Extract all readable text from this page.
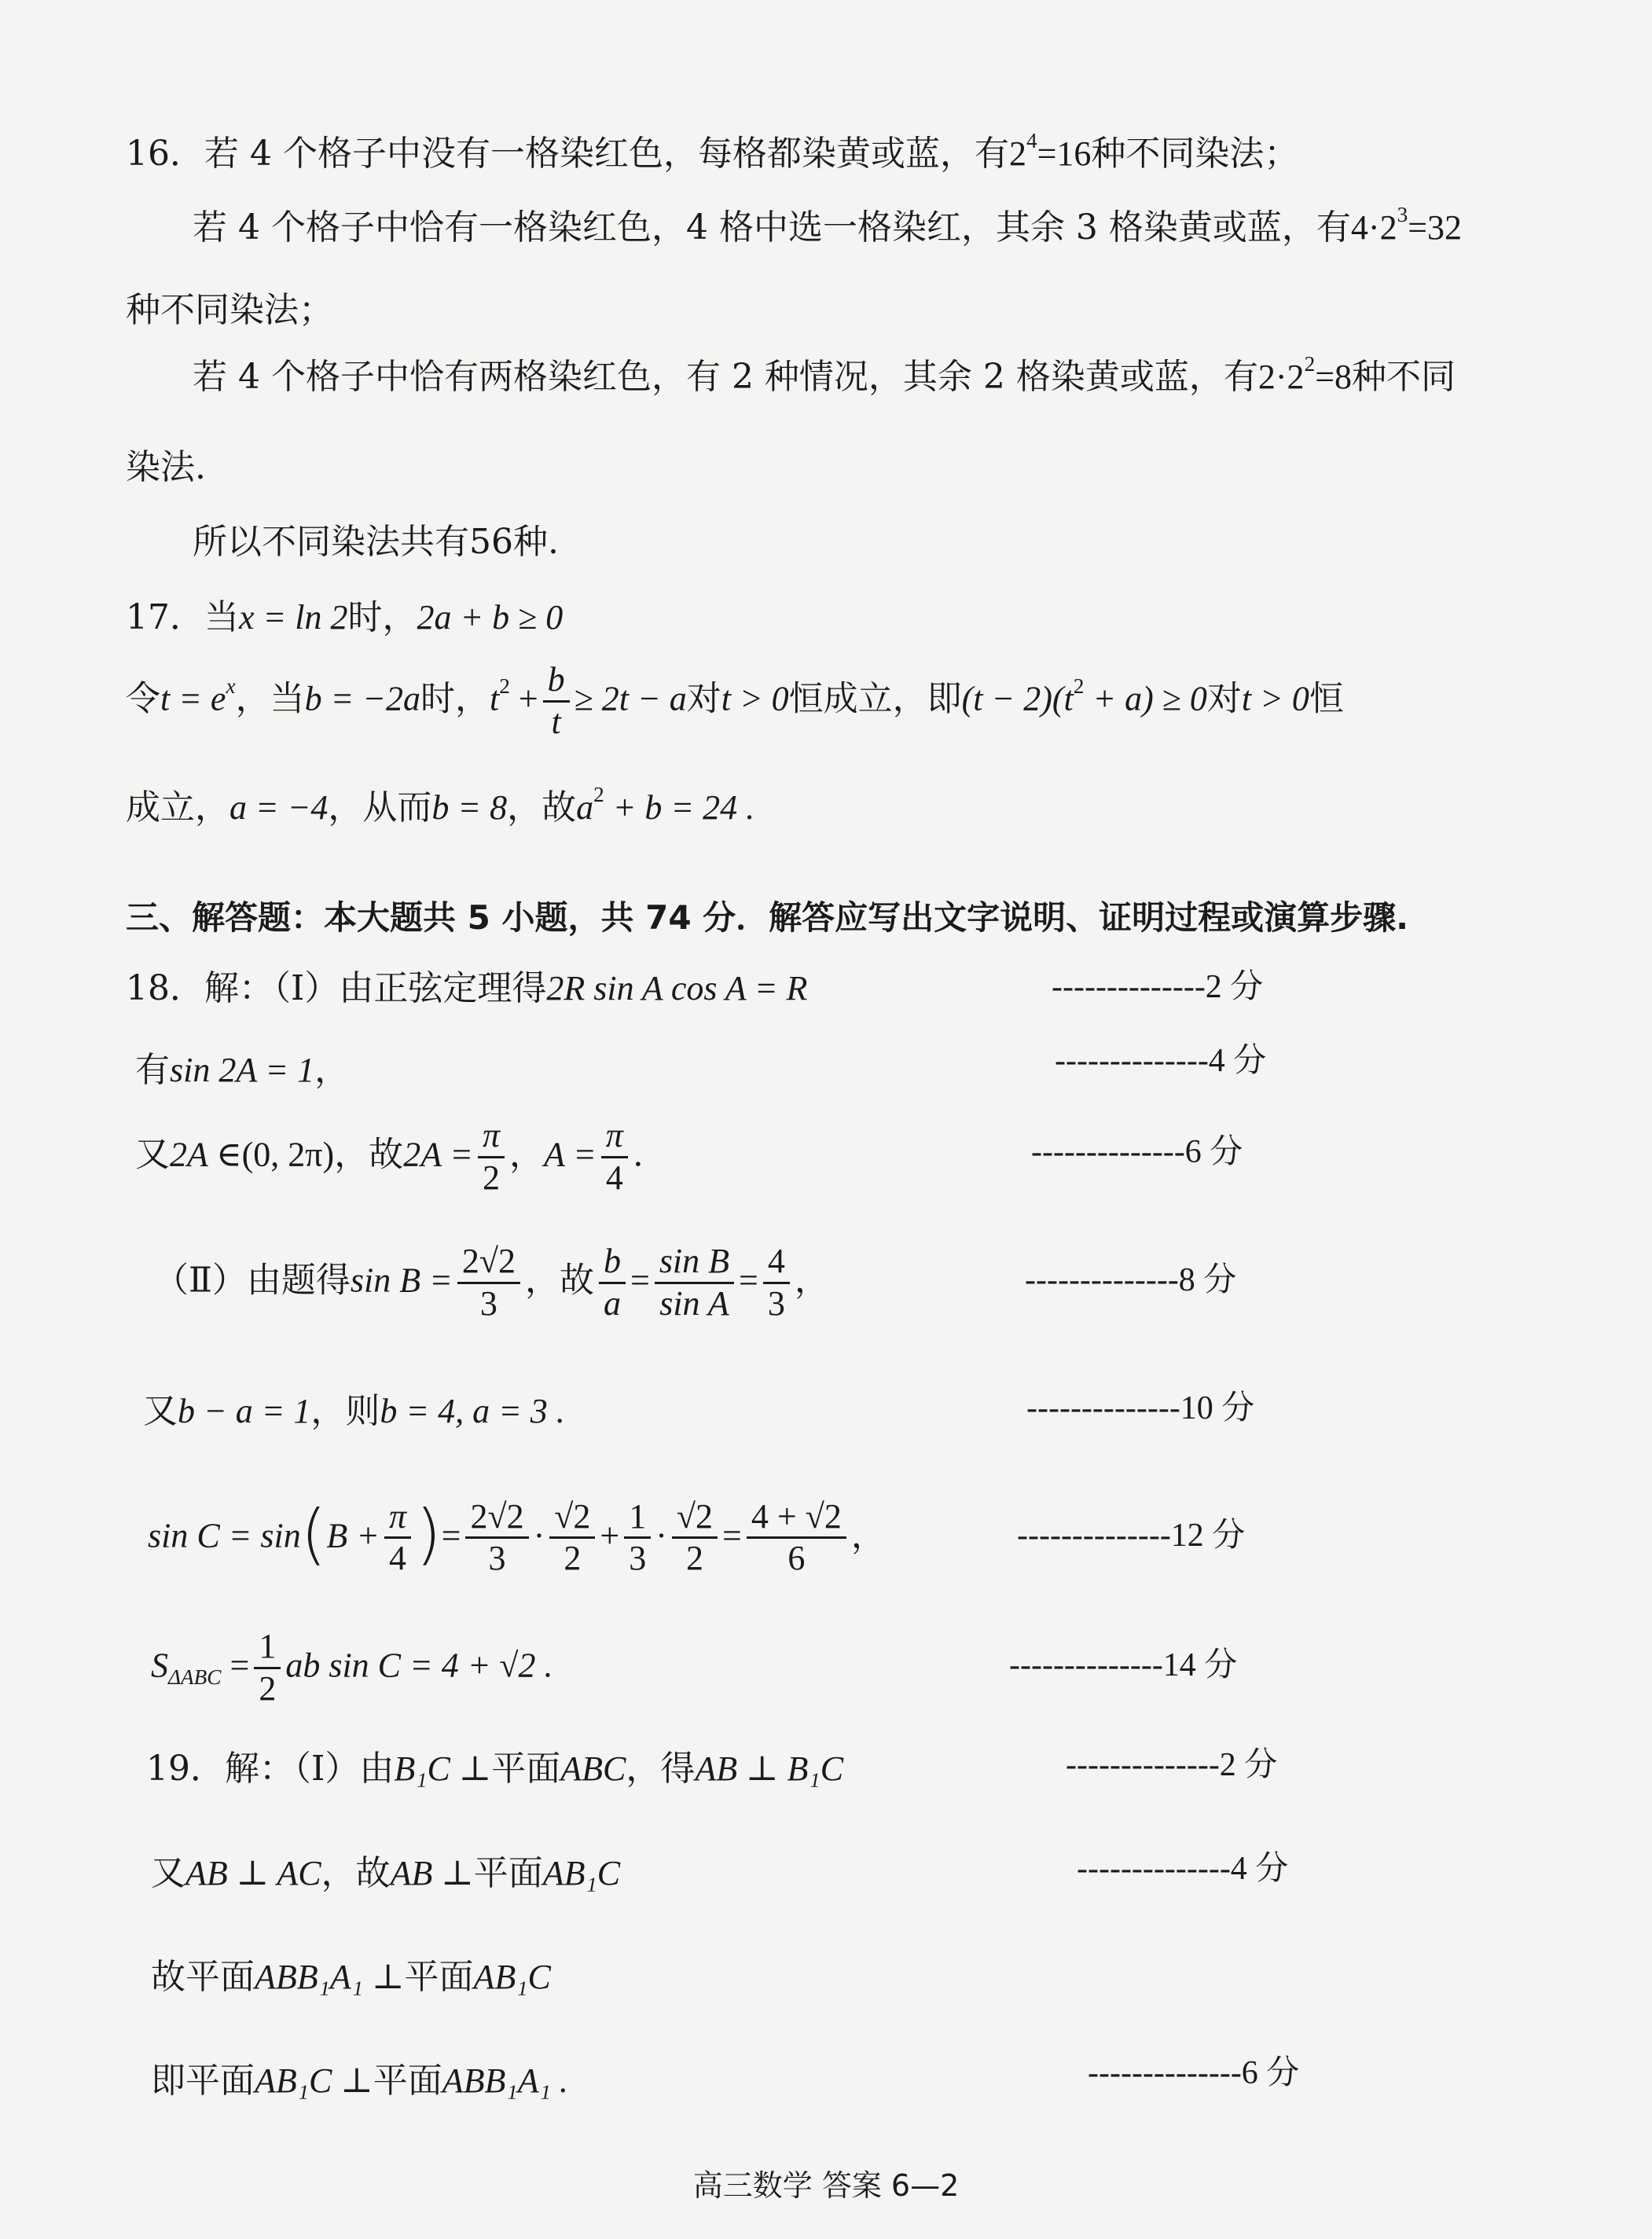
16．若 4 个格子中没有一格染红色，每格都染黄或蓝，有$2^4=16$种不同染法；
若 4 个格子中恰有一格染红色，4 格中选一格染红，其余 3 格染黄或蓝，有$4\cdot 2^3=32$
种不同染法；
若 4 个格子中恰有两格染红色，有 2 种情况，其余 2 格染黄或蓝，有$2\cdot 2^2=8$种不同
染法.
所以不同染法共有56种.
17．当x = ln 2时，2a + b ≥ 0
令$t = e^x$，当b = −2a时，$t^2 + \frac{b}{t} \ge 2t - a$对t > 0恒成立，即$(t - 2)(t^2 + a) \ge 0$对t > 0恒
成立，a = −4，从而b = 8，故$a^2 + b = 24$ .
三、解答题：本大题共 5 小题，共 74 分．解答应写出文字说明、证明过程或演算步骤.
18．解：（Ⅰ）由正弦定理得2R sin A cos A = R
有sin 2A = 1，
又2A ∈(0, 2π)，故$2A = \frac{\pi}{2}$ ，$A = \frac{\pi}{4}$ .
（Ⅱ）由题得$\sin B = \frac{2√2}{3}$ ，故 $\frac{b}{a} = \frac{\text{sin B}}{\text{sin A}} = \frac{4}{3}$ ，
又b − a = 1，则b = 4, a = 3 .
$\sin C = \sin(B + \frac{\pi}{4}$ )= $\frac{2√2}{3} \cdot \frac{√2}{2} + \frac{1}{3} \cdot \frac{√2}{2} = \frac{4 + √2}{6}$ ，
$S_{\Delta ABC} = \frac{1}{2}$ ab sin C = 4 + √2 .
19．解：（Ⅰ）由B₁C ⊥平面ABC，得AB ⊥ B₁C
又AB ⊥ AC，故AB ⊥平面AB₁C
故平面ABB₁A₁ ⊥平面AB₁C
即平面AB₁C ⊥平面ABB₁A₁ .
--------------2 分
--------------4 分
--------------6 分
--------------8 分
--------------10 分
--------------12 分
--------------14 分
--------------2 分
--------------4 分
--------------6 分
高三数学 答案 6—2
